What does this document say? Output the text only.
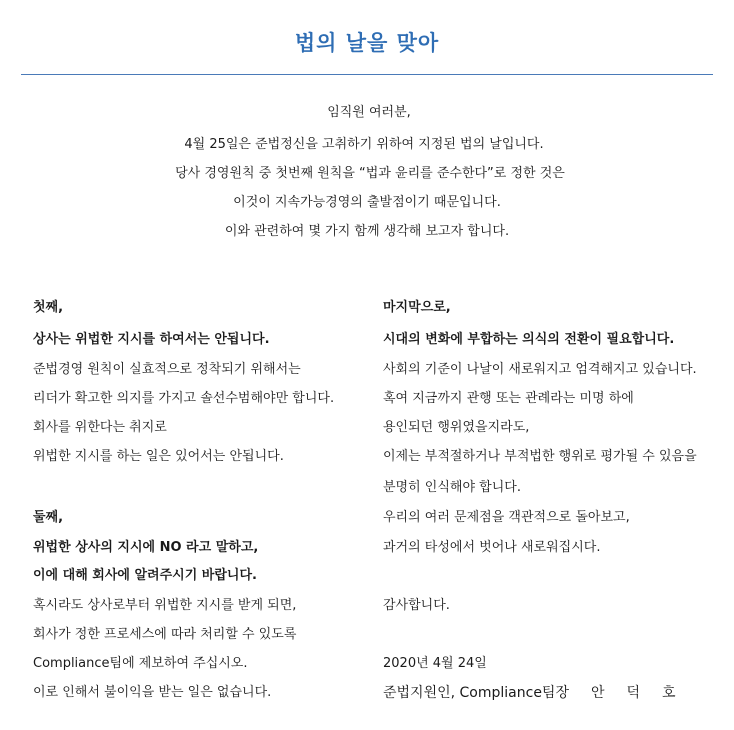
법의 날을 맞아
임직원 여러분,
4월 25일은 준법정신을 고취하기 위하여 지정된 법의 날입니다.
당사 경영원칙 중 첫번째 원칙을 “법과 윤리를 준수한다”로 정한 것은
이것이 지속가능경영의 출발점이기 때문입니다.
이와 관련하여 몇 가지 함께 생각해 보고자 합니다.
첫째,
상사는 위법한 지시를 하여서는 안됩니다.
준법경영 원칙이 실효적으로 정착되기 위해서는
리더가 확고한 의지를 가지고 솔선수범해야만 합니다.
회사를 위한다는 취지로
위법한 지시를 하는 일은 있어서는 안됩니다.
둘째,
위법한 상사의 지시에 NO 라고 말하고,
이에 대해 회사에 알려주시기 바랍니다.
혹시라도 상사로부터 위법한 지시를 받게 되면,
회사가 정한 프로세스에 따라 처리할 수 있도록
Compliance팀에 제보하여 주십시오.
이로 인해서 불이익을 받는 일은 없습니다.
마지막으로,
시대의 변화에 부합하는 의식의 전환이 필요합니다.
사회의 기준이 나날이 새로워지고 엄격해지고 있습니다.
혹여 지금까지 관행 또는 관례라는 미명 하에
용인되던 행위였을지라도,
이제는 부적절하거나 부적법한 행위로 평가될 수 있음을
분명히 인식해야 합니다.
우리의 여러 문제점을 객관적으로 돌아보고,
과거의 타성에서 벗어나 새로워집시다.
감사합니다.
2020년 4월 24일
준법지원인, Compliance팀장 안 덕 호
